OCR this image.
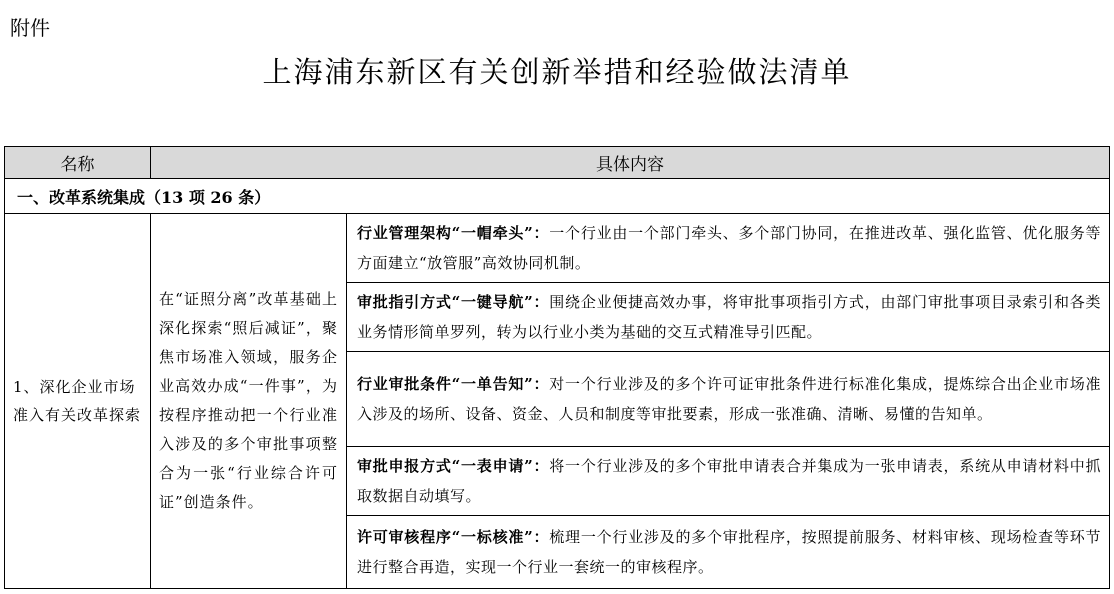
附件
上海浦东新区有关创新举措和经验做法清单
名称	具体内容	
一、改革系统集成（13 项 26 条）		
1、深化企业市场准入有关改革探索	在“证照分离”改革基础上深化探索“照后减证”，聚焦市场准入领域，服务企业高效办成“一件事”，为按程序推动把一个行业准入涉及的多个审批事项整合为一张“行业综合许可证”创造条件。	行业管理架构“一帽牵头”：一个行业由一个部门牵头、多个部门协同，在推进改革、强化监管、优化服务等方面建立“放管服”高效协同机制。
		审批指引方式“一键导航”：围绕企业便捷高效办事，将审批事项指引方式，由部门审批事项目录索引和各类业务情形简单罗列，转为以行业小类为基础的交互式精准导引匹配。
		行业审批条件“一单告知”：对一个行业涉及的多个许可证审批条件进行标准化集成，提炼综合出企业市场准入涉及的场所、设备、资金、人员和制度等审批要素，形成一张准确、清晰、易懂的告知单。
		审批申报方式“一表申请”：将一个行业涉及的多个审批申请表合并集成为一张申请表，系统从申请材料中抓取数据自动填写。
		许可审核程序“一标核准”：梳理一个行业涉及的多个审批程序，按照提前服务、材料审核、现场检查等环节进行整合再造，实现一个行业一套统一的审核程序。
